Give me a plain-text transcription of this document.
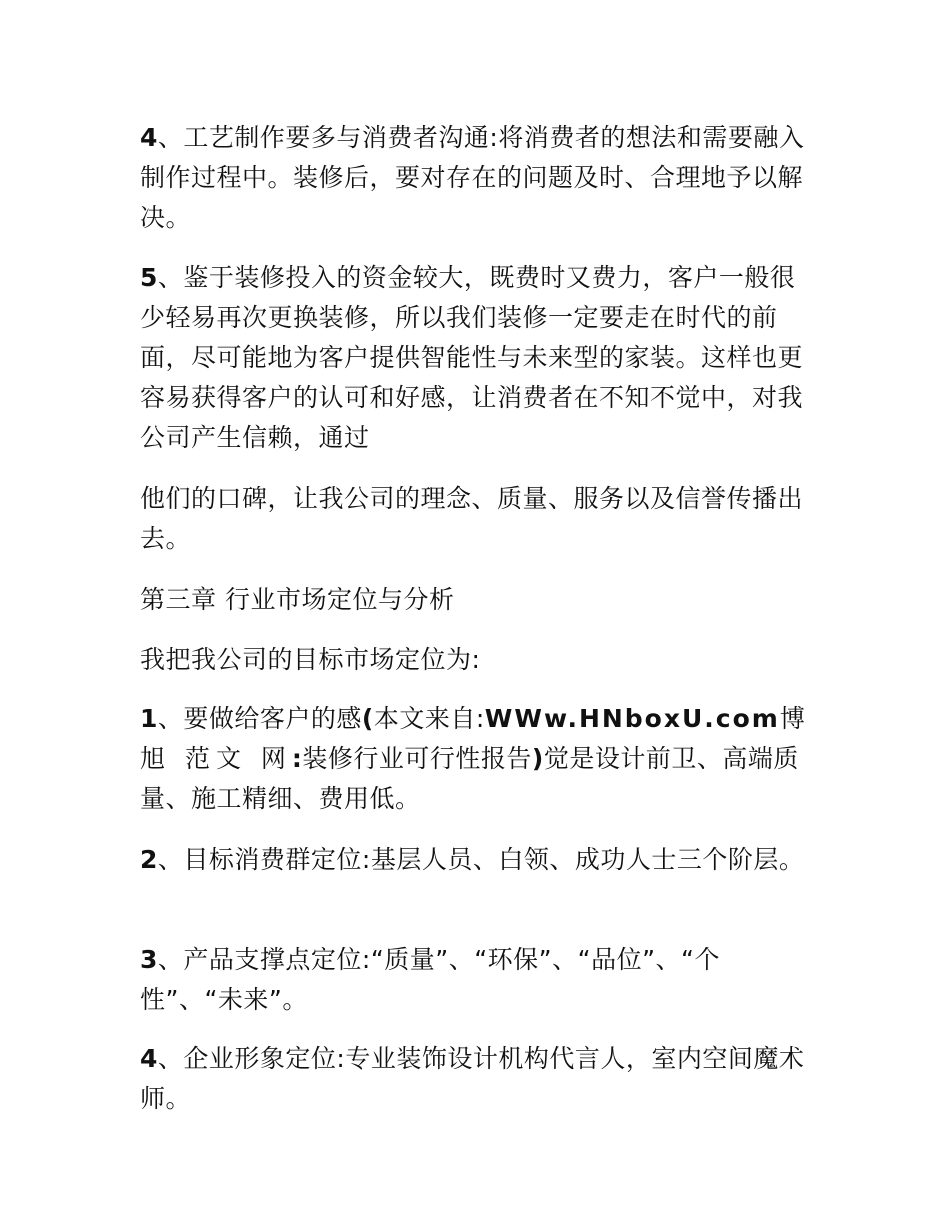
4、工艺制作要多与消费者沟通:将消费者的想法和需要融入制作过程中。装修后，要对存在的问题及时、合理地予以解决。

5、鉴于装修投入的资金较大，既费时又费力，客户一般很少轻易再次更换装修，所以我们装修一定要走在时代的前面，尽可能地为客户提供智能性与未来型的家装。这样也更容易获得客户的认可和好感，让消费者在不知不觉中，对我公司产生信赖，通过

他们的口碑，让我公司的理念、质量、服务以及信誉传播出去。

第三章 行业市场定位与分析

我把我公司的目标市场定位为:

1、要做给客户的感(本文来自:WWw.HNboxU.com博 旭 范文 网:装修行业可行性报告)觉是设计前卫、高端质量、施工精细、费用低。

2、目标消费群定位:基层人员、白领、成功人士三个阶层。

3、产品支撑点定位:“质量”、“环保”、“品位”、“个性”、“未来”。

4、企业形象定位:专业装饰设计机构代言人，室内空间魔术师。
